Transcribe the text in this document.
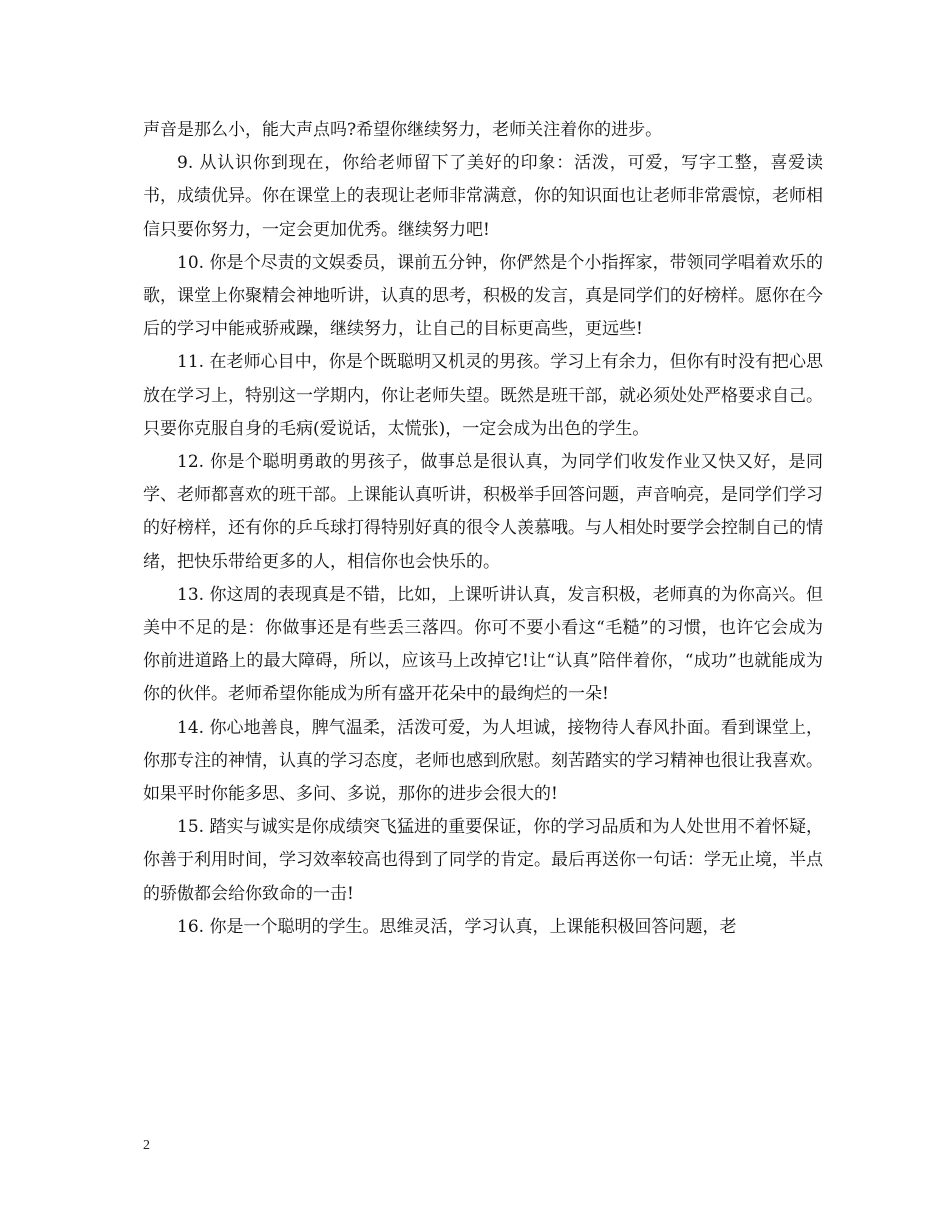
声音是那么小，能大声点吗?希望你继续努力，老师关注着你的进步。

9. 从认识你到现在，你给老师留下了美好的印象：活泼，可爱，写字工整，喜爱读书，成绩优异。你在课堂上的表现让老师非常满意，你的知识面也让老师非常震惊，老师相信只要你努力，一定会更加优秀。继续努力吧!

10. 你是个尽责的文娱委员，课前五分钟，你俨然是个小指挥家，带领同学唱着欢乐的歌，课堂上你聚精会神地听讲，认真的思考，积极的发言，真是同学们的好榜样。愿你在今后的学习中能戒骄戒躁，继续努力，让自己的目标更高些，更远些!

11. 在老师心目中，你是个既聪明又机灵的男孩。学习上有余力，但你有时没有把心思放在学习上，特别这一学期内，你让老师失望。既然是班干部，就必须处处严格要求自己。只要你克服自身的毛病(爱说话，太慌张)，一定会成为出色的学生。

12. 你是个聪明勇敢的男孩子，做事总是很认真，为同学们收发作业又快又好，是同学、老师都喜欢的班干部。上课能认真听讲，积极举手回答问题，声音响亮，是同学们学习的好榜样，还有你的乒乓球打得特别好真的很令人羡慕哦。与人相处时要学会控制自己的情绪，把快乐带给更多的人，相信你也会快乐的。

13. 你这周的表现真是不错，比如，上课听讲认真，发言积极，老师真的为你高兴。但美中不足的是：你做事还是有些丢三落四。你可不要小看这“毛糙”的习惯，也许它会成为你前进道路上的最大障碍，所以，应该马上改掉它!让“认真”陪伴着你，“成功”也就能成为你的伙伴。老师希望你能成为所有盛开花朵中的最绚烂的一朵!

14. 你心地善良，脾气温柔，活泼可爱，为人坦诚，接物待人春风扑面。看到课堂上，你那专注的神情，认真的学习态度，老师也感到欣慰。刻苦踏实的学习精神也很让我喜欢。如果平时你能多思、多问、多说，那你的进步会很大的!

15. 踏实与诚实是你成绩突飞猛进的重要保证，你的学习品质和为人处世用不着怀疑，你善于利用时间，学习效率较高也得到了同学的肯定。最后再送你一句话：学无止境，半点的骄傲都会给你致命的一击!

16. 你是一个聪明的学生。思维灵活，学习认真，上课能积极回答问题，老

2
